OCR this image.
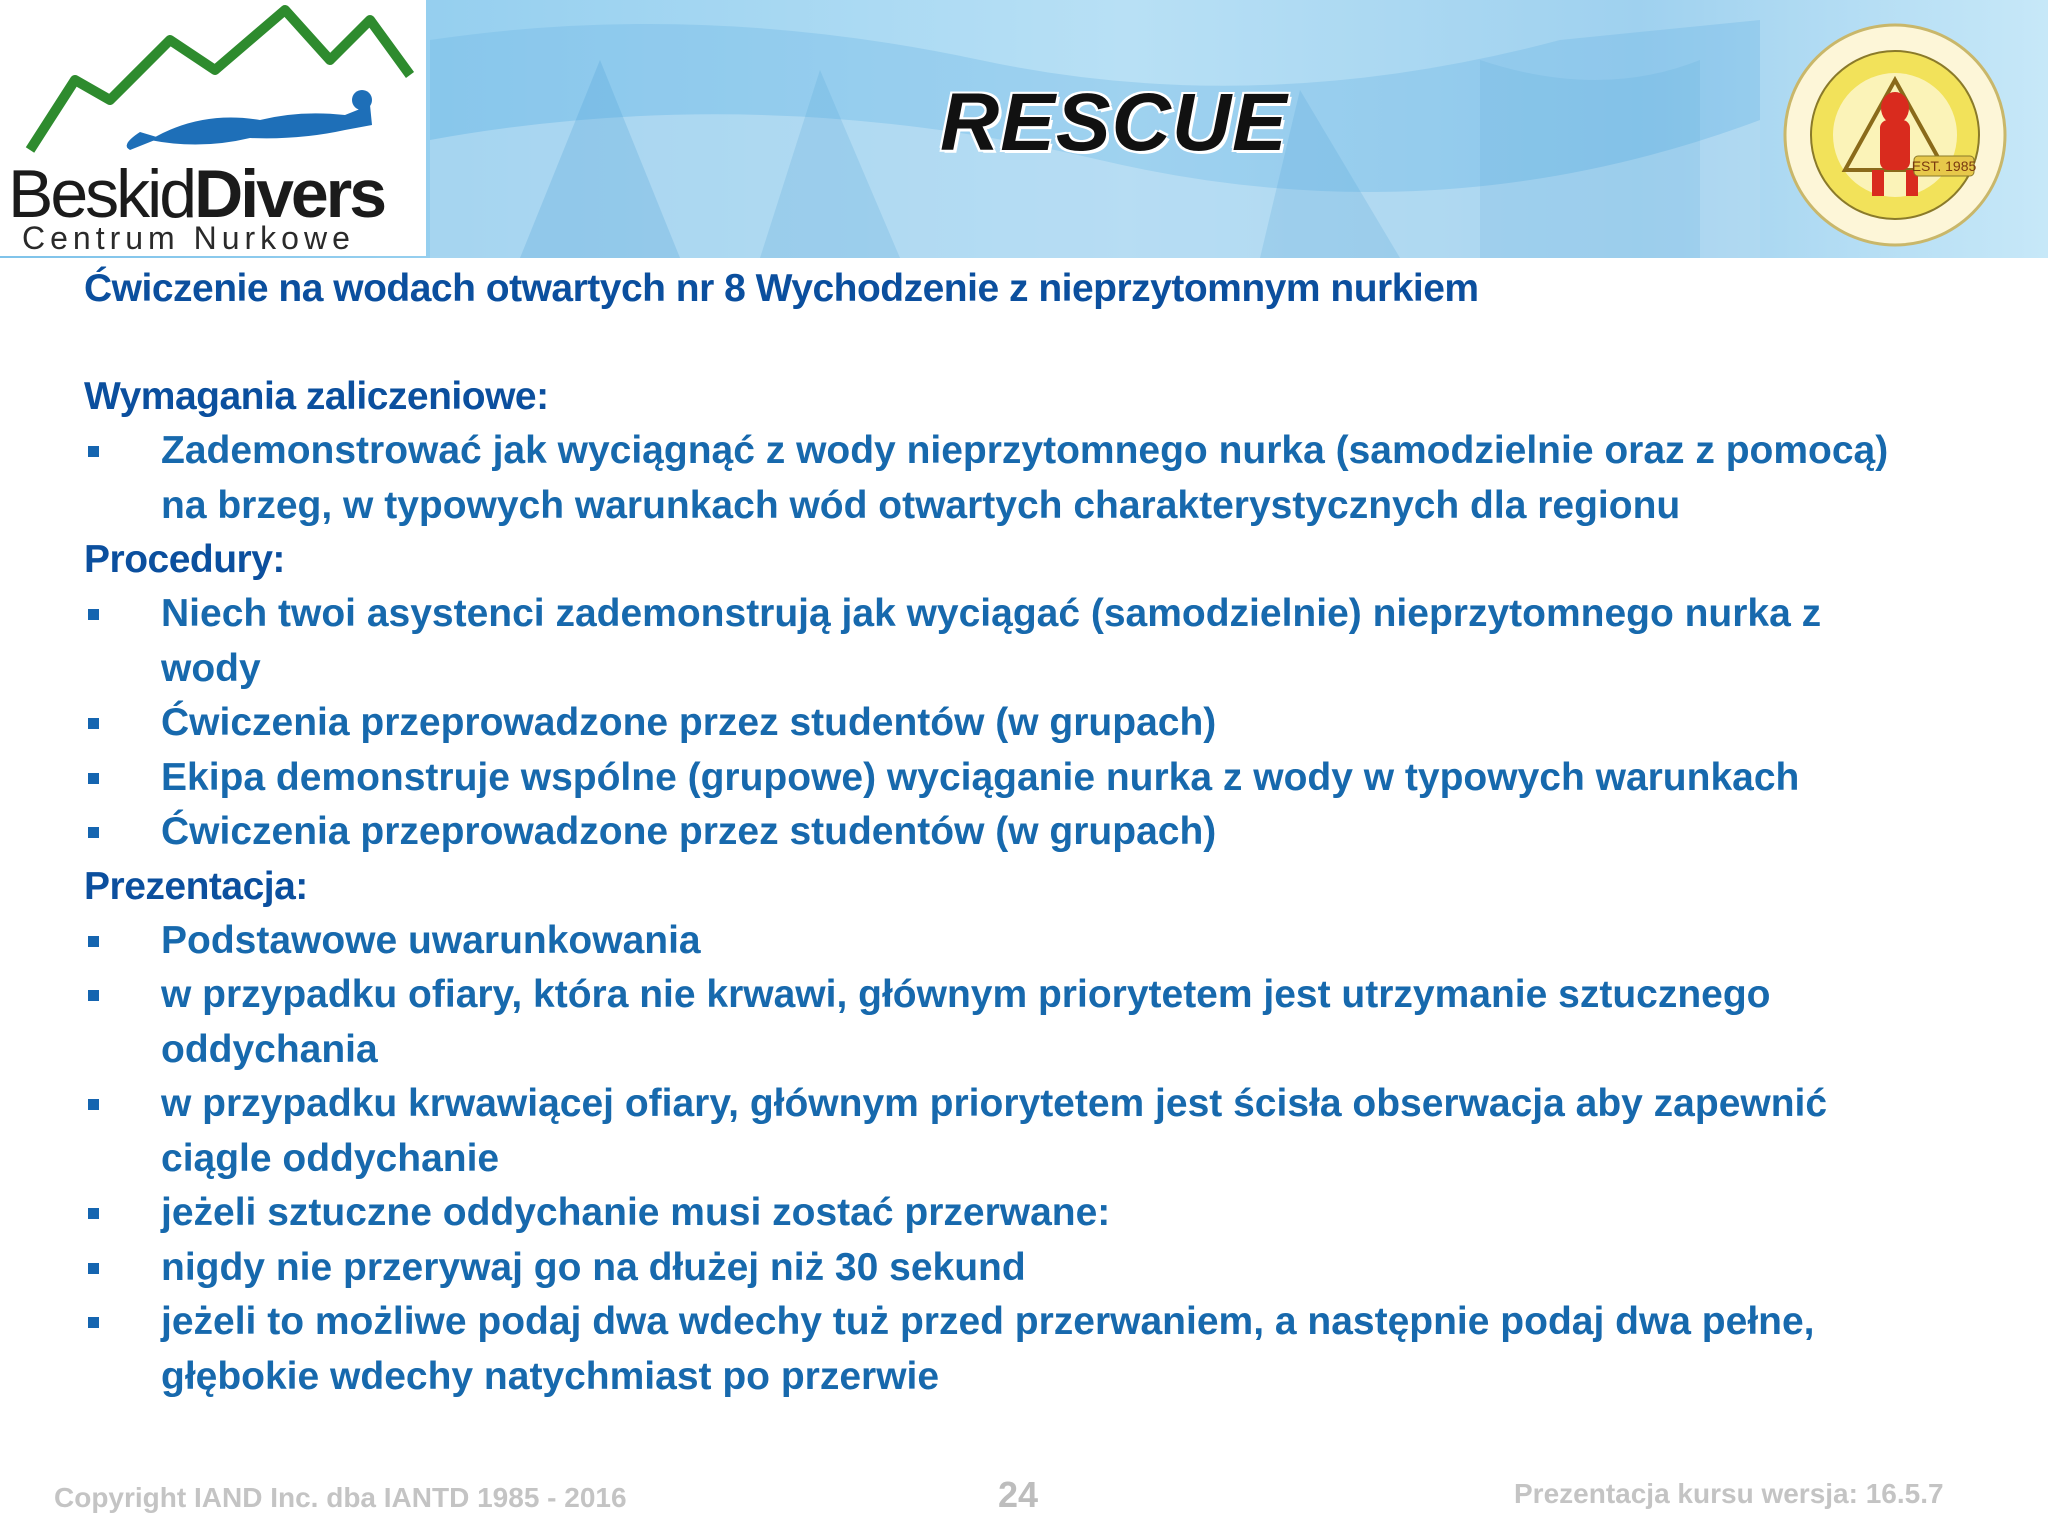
BeskidDivers
Centrum Nurkowe
RESCUE	EST. 1985
Ćwiczenie na wodach otwartych nr 8 Wychodzenie z nieprzytomnym nurkiem
Wymagania zaliczeniowe:
Zademonstrować jak wyciągnąć z wody nieprzytomnego nurka (samodzielnie oraz z pomocą) na brzeg, w typowych warunkach wód otwartych charakterystycznych dla regionu
Procedury:
Niech twoi asystenci zademonstrują jak wyciągać (samodzielnie) nieprzytomnego nurka z wody
Ćwiczenia przeprowadzone przez studentów (w grupach)
Ekipa demonstruje wspólne (grupowe) wyciąganie nurka z wody w typowych warunkach
Ćwiczenia przeprowadzone przez studentów (w grupach)
Prezentacja:
Podstawowe uwarunkowania
w przypadku ofiary, która nie krwawi, głównym priorytetem jest utrzymanie sztucznego oddychania
w przypadku krwawiącej ofiary, głównym priorytetem jest ścisła obserwacja aby zapewnić ciągle oddychanie
jeżeli sztuczne oddychanie musi zostać przerwane:
nigdy nie przerywaj go na dłużej niż 30 sekund
jeżeli to możliwe podaj dwa wdechy tuż przed przerwaniem, a następnie podaj dwa pełne, głębokie wdechy natychmiast po przerwie
Copyright IAND Inc. dba IANTD 1985 - 2016	24	Prezentacja kursu wersja: 16.5.7
